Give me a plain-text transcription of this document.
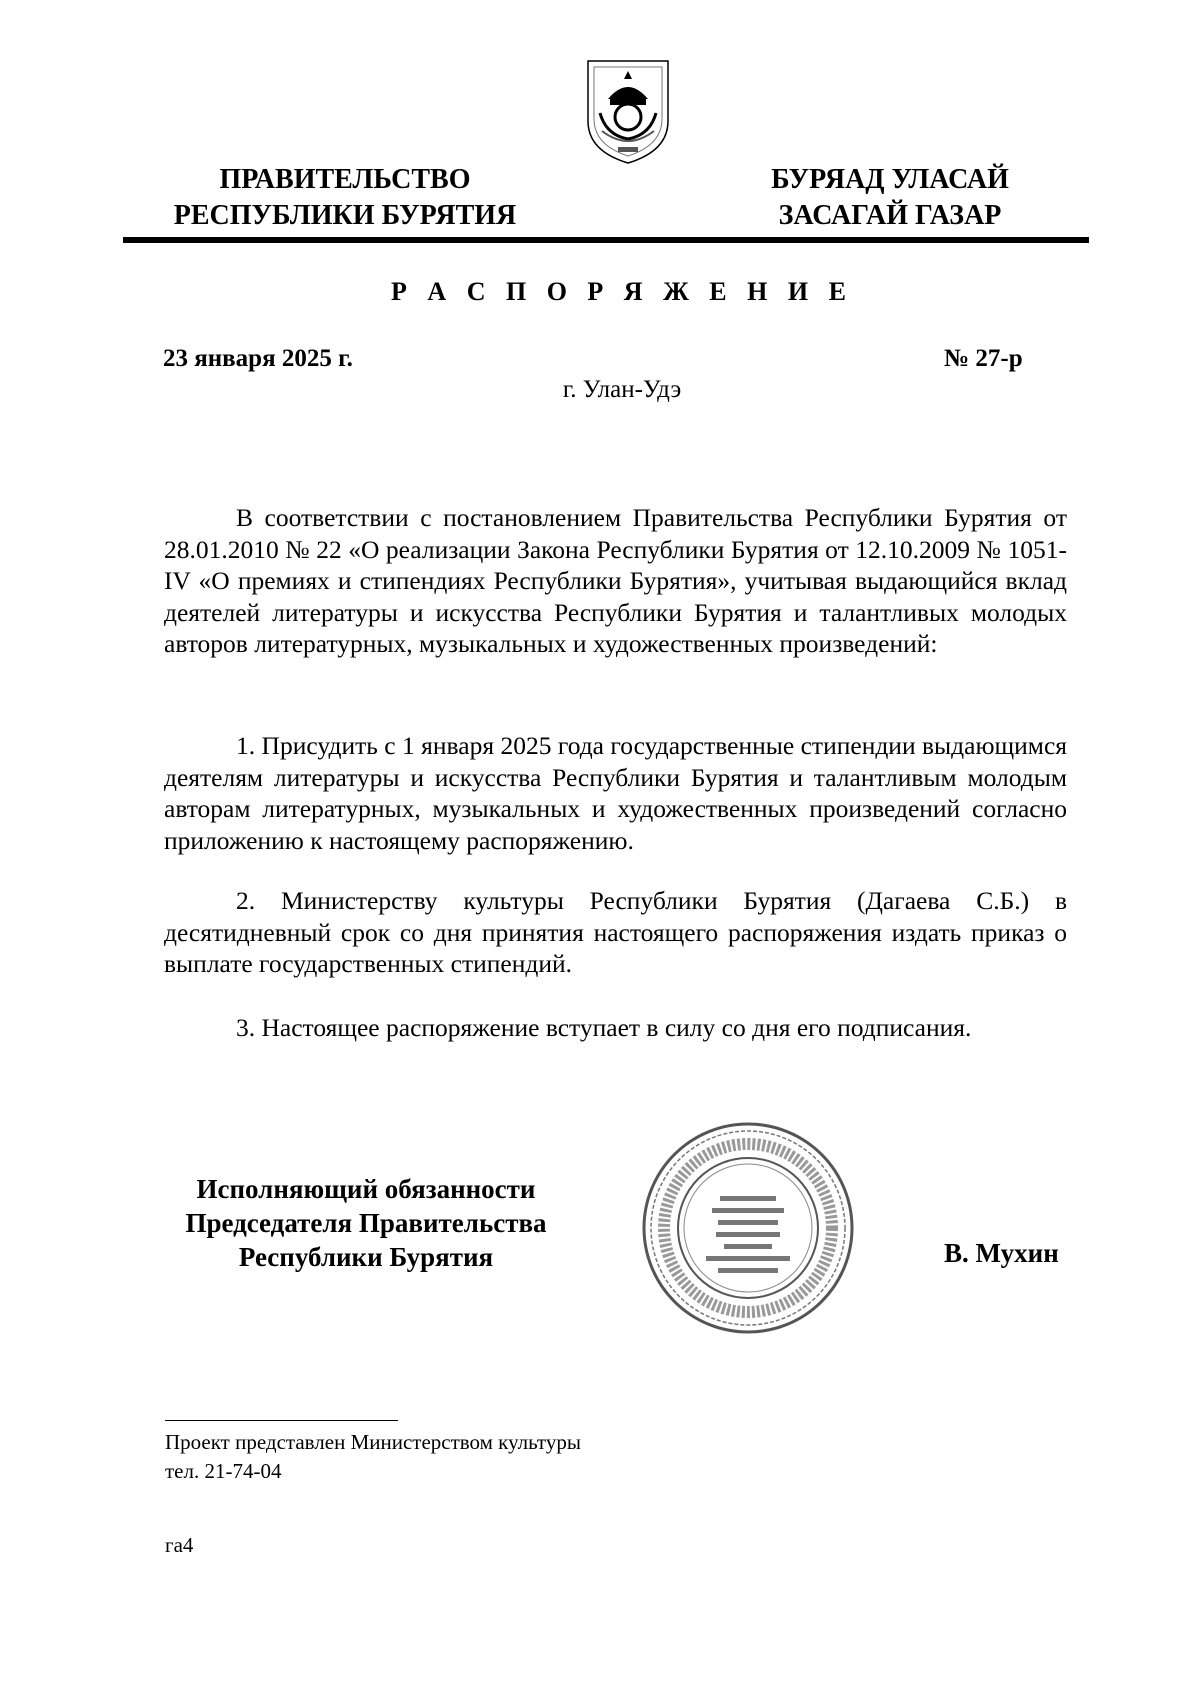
ПРАВИТЕЛЬСТВО
РЕСПУБЛИКИ БУРЯТИЯ
БУРЯАД УЛАСАЙ
ЗАСАГАЙ ГАЗАР
Р А С П О Р Я Ж Е Н И Е
23 января 2025 г.	№ 27-р
г. Улан-Удэ
В соответствии с постановлением Правительства Республики Бурятия от 28.01.2010 № 22 «О реализации Закона Республики Бурятия от 12.10.2009 № 1051-IV «О премиях и стипендиях Республики Бурятия», учитывая выдающийся вклад деятелей литературы и искусства Республики Бурятия и талантливых молодых авторов литературных, музыкальных и художественных произведений:
1. Присудить с 1 января 2025 года государственные стипендии выдающимся деятелям литературы и искусства Республики Бурятия и талантливым молодым авторам литературных, музыкальных и художественных произведений согласно приложению к настоящему распоряжению.
2. Министерству культуры Республики Бурятия (Дагаева С.Б.) в десятидневный срок со дня принятия настоящего распоряжения издать приказ о выплате государственных стипендий.
3. Настоящее распоряжение вступает в силу со дня его подписания.
Исполняющий обязанности
Председателя Правительства
Республики Бурятия	В. Мухин
Проект представлен Министерством культуры
тел. 21-74-04
га4
